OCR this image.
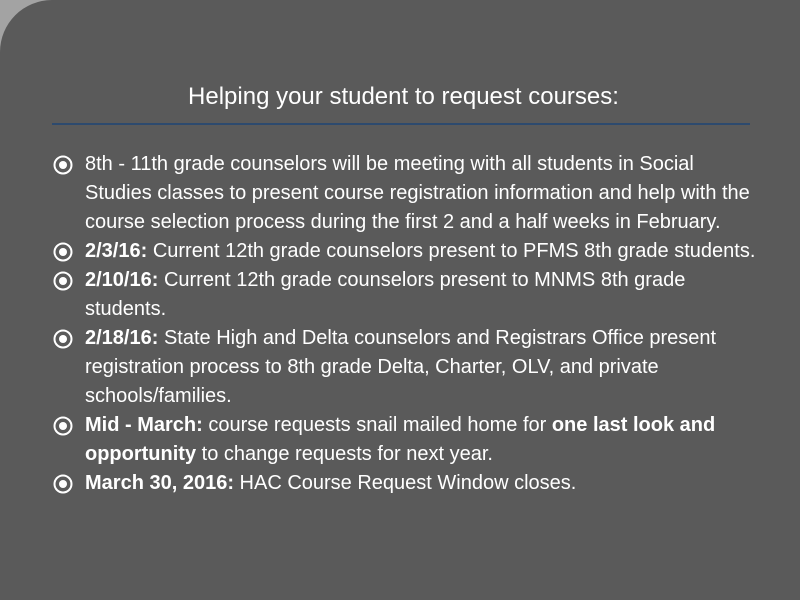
Helping your student to request courses:
8th - 11th grade counselors will be meeting with all students in Social Studies classes to present course registration information and help with the course selection process during the first 2 and a half weeks in February.
2/3/16: Current 12th grade counselors present to PFMS 8th grade students.
2/10/16: Current 12th grade counselors present to MNMS 8th grade students.
2/18/16: State High and Delta counselors and Registrars Office present registration process to 8th grade Delta, Charter, OLV, and private schools/families.
Mid - March: course requests snail mailed home for one last look and opportunity to change requests for next year.
March 30, 2016: HAC Course Request Window closes.
